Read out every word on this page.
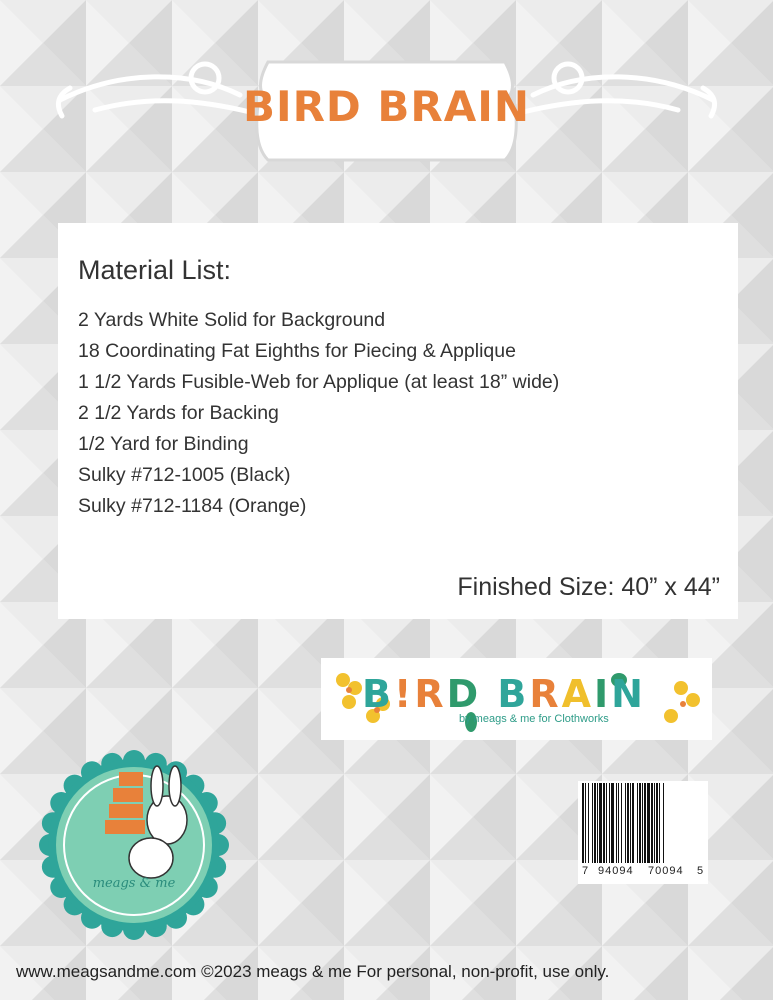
BIRD BRAIN
Material List:
2 Yards White Solid for Background
18 Coordinating Fat Eighths for Piecing & Applique
1 1/2 Yards Fusible-Web for Applique (at least 18” wide)
2 1/2 Yards for Backing
1/2 Yard for Binding
Sulky #712-1005 (Black)
Sulky #712-1184 (Orange)
Finished Size: 40” x 44”
B!RD BRAIN
by meags & me for Clothworks
7 94094 70094 5
meags & me
www.meagsandme.com ©2023 meags & me For personal, non-profit, use only.
